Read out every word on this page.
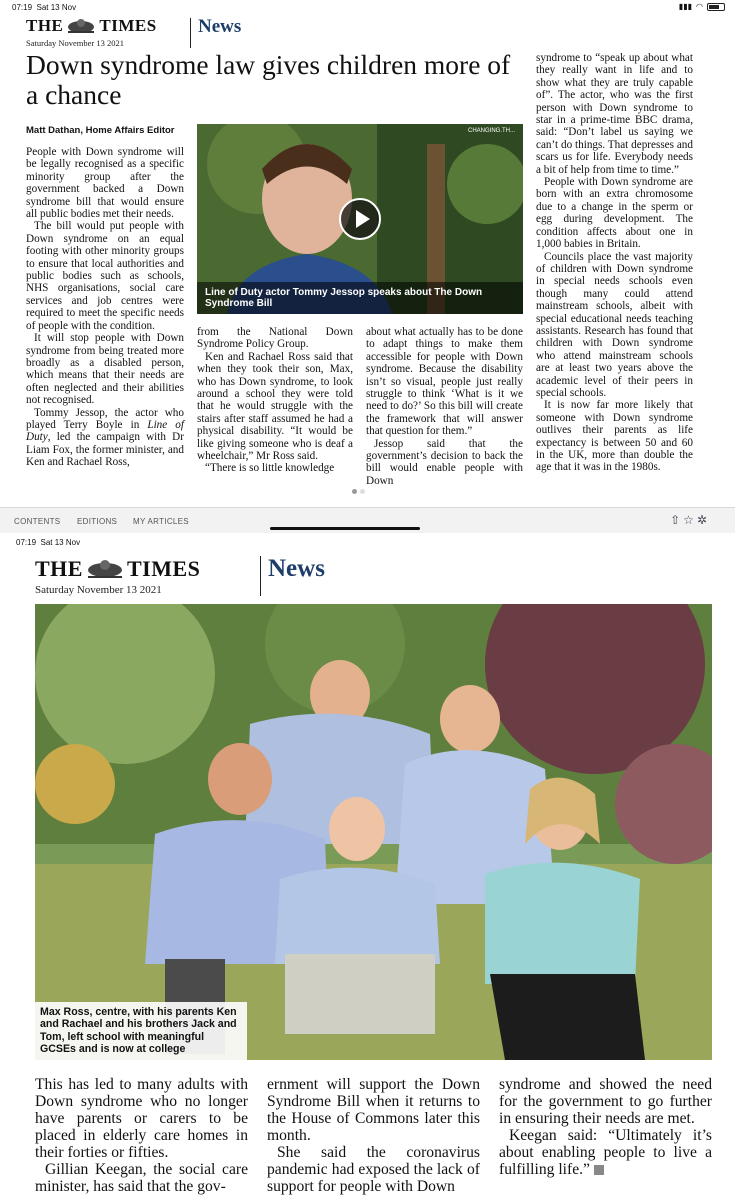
07:19 Sat 13 Nov	▮▮▮ ◠
THE TIMES
Saturday November 13 2021
News
Down syndrome law gives children more of a chance
Matt Dathan, Home Affairs Editor

People with Down syndrome will be legally recognised as a specific minority group after the government backed a Down syndrome bill that would ensure all public bodies met their needs.

The bill would put people with Down syndrome on an equal footing with other minority groups to ensure that local authorities and public bodies such as schools, NHS organisations, social care services and job centres were required to meet the specific needs of people with the condition.

It will stop people with Down syndrome from being treated more broadly as a disabled person, which means that their needs are often neglected and their abilities not recognised.

Tommy Jessop, the actor who played Terry Boyle in Line of Duty, led the campaign with Dr Liam Fox, the former minister, and Ken and Rachael Ross,

CHANGING.TH...
Line of Duty actor Tommy Jessop speaks about The Down Syndrome Bill

from the National Down Syndrome Policy Group.

Ken and Rachael Ross said that when they took their son, Max, who has Down syndrome, to look around a school they were told that he would struggle with the stairs after staff assumed he had a physical disability. “It would be like giving someone who is deaf a wheelchair,” Mr Ross said.

“There is so little knowledge

about what actually has to be done to adapt things to make them accessible for people with Down syndrome. Because the disability isn’t so visual, people just really struggle to think ‘What is it we need to do?’ So this bill will create the framework that will answer that question for them.”

Jessop said that the government’s decision to back the bill would enable people with Down

syndrome to “speak up about what they really want in life and to show what they are truly capable of”. The actor, who was the first person with Down syndrome to star in a prime-time BBC drama, said: “Don’t label us saying we can’t do things. That depresses and scars us for life. Everybody needs a bit of help from time to time.”

People with Down syndrome are born with an extra chromosome due to a change in the sperm or egg during development. The condition affects about one in 1,000 babies in Britain.

Councils place the vast majority of children with Down syndrome in special needs schools even though many could attend mainstream schools, albeit with special educational needs teaching assistants. Research has found that children with Down syndrome who attend mainstream schools are at least two years above the academic level of their peers in special schools.

It is now far more likely that someone with Down syndrome outlives their parents as life expectancy is between 50 and 60 in the UK, more than double the age that it was in the 1980s.

CONTENTS EDITIONS MY ARTICLES	⇧ ☆ ✲
07:19 Sat 13 Nov
THE TIMES
Saturday November 13 2021
News
Max Ross, centre, with his parents Ken and Rachael and his brothers Jack and Tom, left school with meaningful GCSEs and is now at college

This has led to many adults with Down syndrome who no longer have parents or carers to be placed in elderly care homes in their forties or fifties.

Gillian Keegan, the social care minister, has said that the gov-

ernment will support the Down Syndrome Bill when it returns to the House of Commons later this month.

She said the coronavirus pandemic had exposed the lack of support for people with Down

syndrome and showed the need for the government to go further in ensuring their needs are met.

Keegan said: “Ultimately it’s about enabling people to live a fulfilling life.”
